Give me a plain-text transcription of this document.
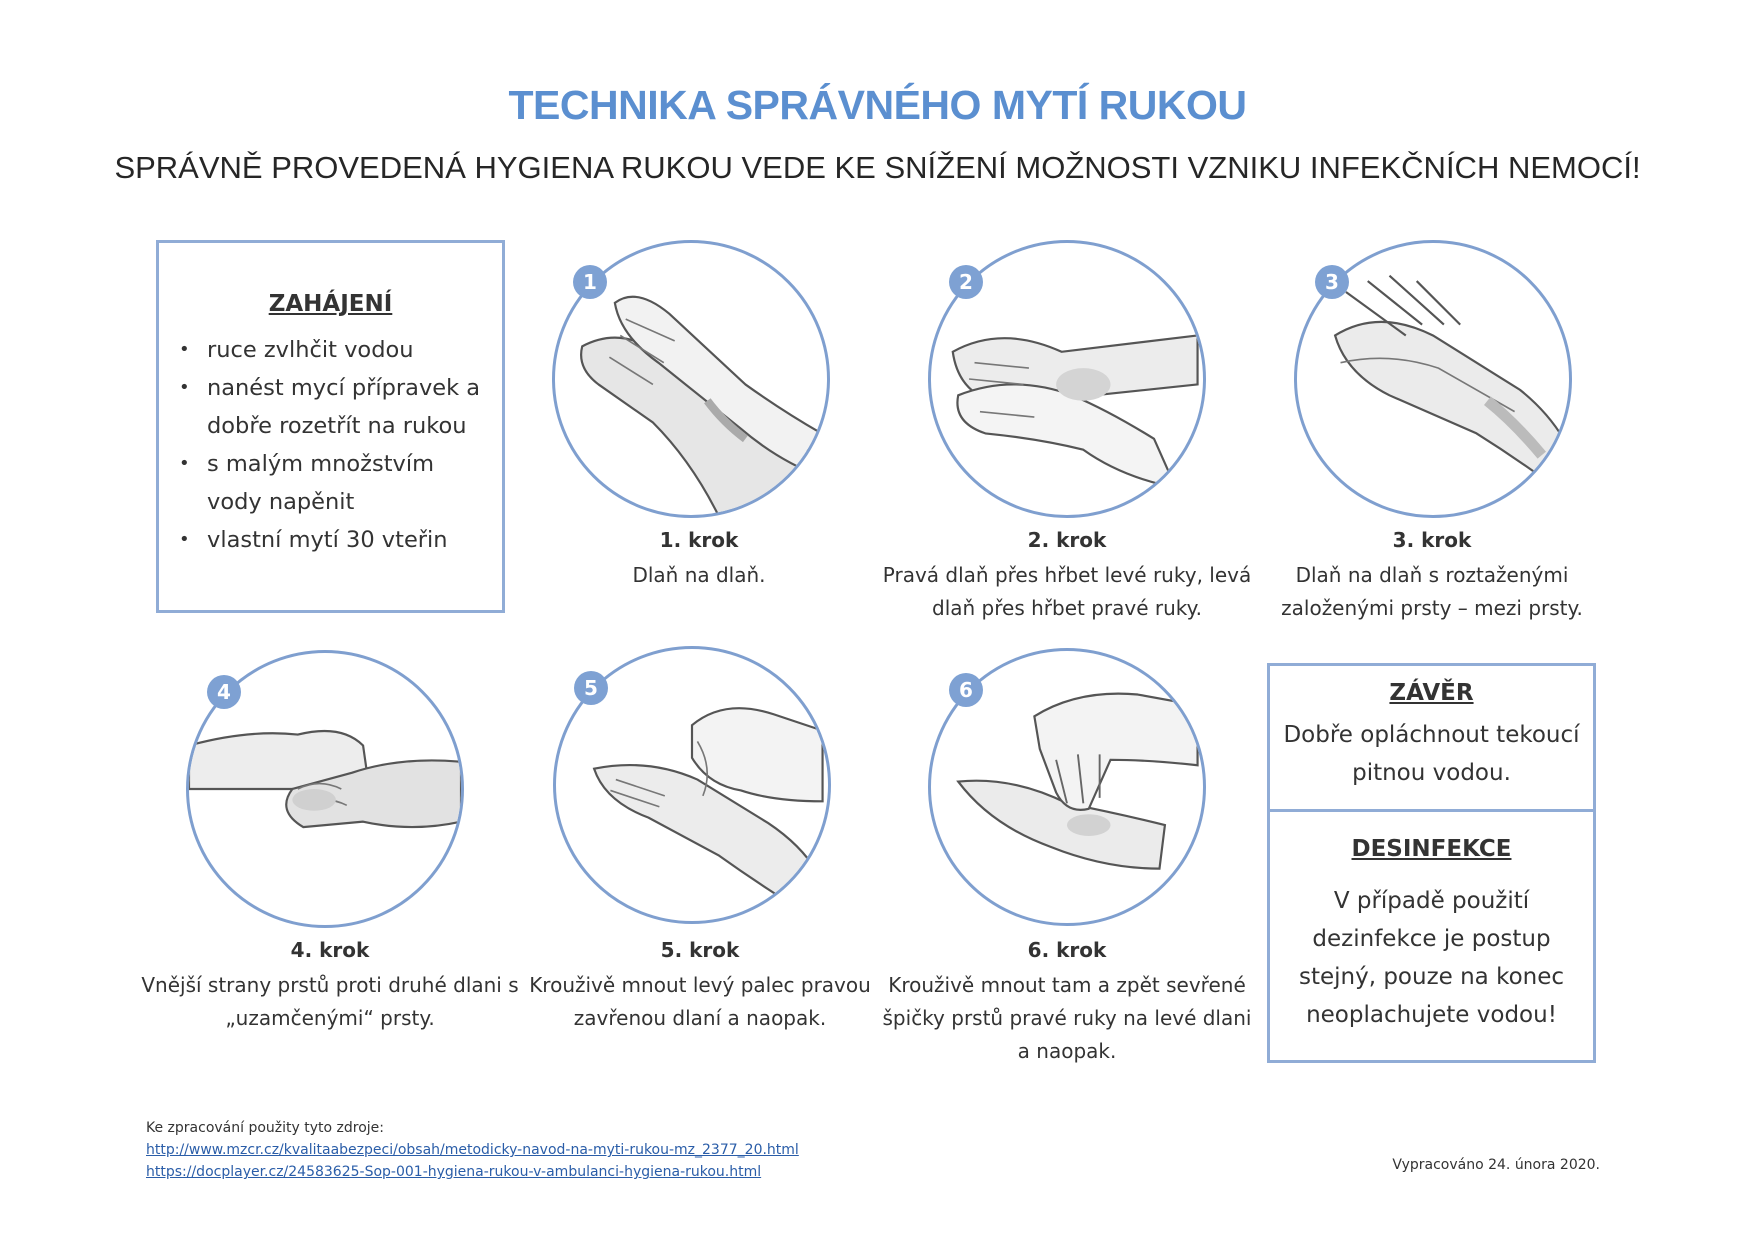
TECHNIKA SPRÁVNÉHO MYTÍ RUKOU
SPRÁVNĚ PROVEDENÁ HYGIENA RUKOU VEDE KE SNÍŽENÍ MOŽNOSTI VZNIKU INFEKČNÍCH NEMOCÍ!
ZAHÁJENÍ
• ruce zvlhčit vodou
• nanést mycí přípravek a dobře rozetřít na rukou
• s malým množstvím vody napěnit
• vlastní mytí 30 vteřin
1
1. krok
Dlaň na dlaň.
2
2. krok
Pravá dlaň přes hřbet levé ruky, levá dlaň přes hřbet pravé ruky.
3
3. krok
Dlaň na dlaň s roztaženými založenými prsty – mezi prsty.
4
4. krok
Vnější strany prstů proti druhé dlani s „uzamčenými“ prsty.
5
5. krok
Krouživě mnout levý palec pravou zavřenou dlaní a naopak.
6
6. krok
Krouživě mnout tam a zpět sevřené špičky prstů pravé ruky na levé dlani a naopak.
ZÁVĚR
Dobře opláchnout tekoucí pitnou vodou.
DESINFEKCE
V případě použití dezinfekce je postup stejný, pouze na konec neoplachujete vodou!
Ke zpracování použity tyto zdroje:
http://www.mzcr.cz/kvalitaabezpeci/obsah/metodicky-navod-na-myti-rukou-mz_2377_20.html
https://docplayer.cz/24583625-Sop-001-hygiena-rukou-v-ambulanci-hygiena-rukou.html	Vypracováno 24. února 2020.
